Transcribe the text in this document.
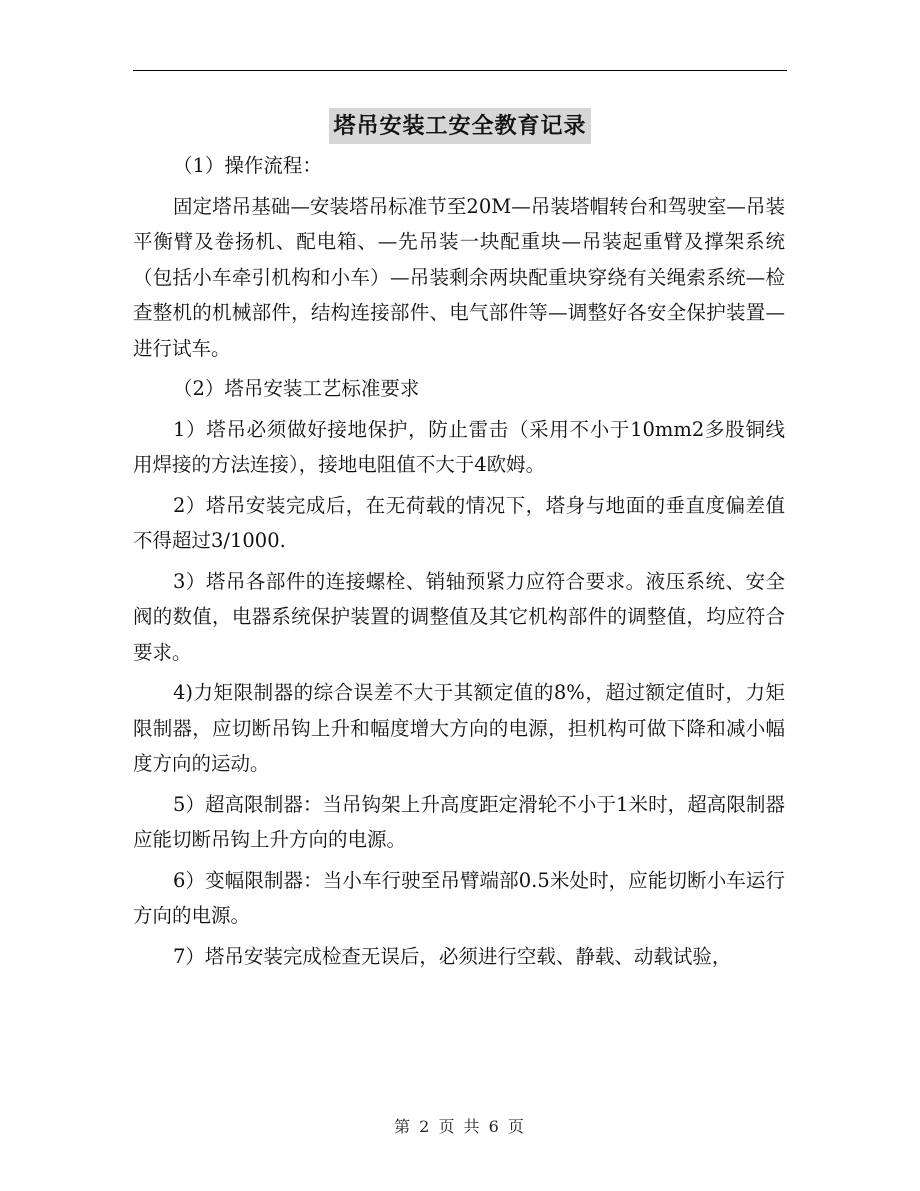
塔吊安装工安全教育记录

（1）操作流程：

固定塔吊基础—安装塔吊标准节至20M—吊装塔帽转台和驾驶室—吊装平衡臂及卷扬机、配电箱、—先吊装一块配重块—吊装起重臂及撑架系统（包括小车牵引机构和小车）—吊装剩余两块配重块穿绕有关绳索系统—检查整机的机械部件，结构连接部件、电气部件等—调整好各安全保护装置—进行试车。

（2）塔吊安装工艺标准要求

1）塔吊必须做好接地保护，防止雷击（采用不小于10mm2多股铜线用焊接的方法连接），接地电阻值不大于4欧姆。

2）塔吊安装完成后，在无荷载的情况下，塔身与地面的垂直度偏差值不得超过3/1000.

3）塔吊各部件的连接螺栓、销轴预紧力应符合要求。液压系统、安全阀的数值，电器系统保护装置的调整值及其它机构部件的调整值，均应符合要求。

4)力矩限制器的综合误差不大于其额定值的8%，超过额定值时，力矩限制器，应切断吊钩上升和幅度增大方向的电源，担机构可做下降和减小幅度方向的运动。

5）超高限制器：当吊钩架上升高度距定滑轮不小于1米时，超高限制器应能切断吊钩上升方向的电源。

6）变幅限制器：当小车行驶至吊臂端部0.5米处时，应能切断小车运行方向的电源。

7）塔吊安装完成检查无误后，必须进行空载、静载、动载试验，

第 2 页 共 6 页
